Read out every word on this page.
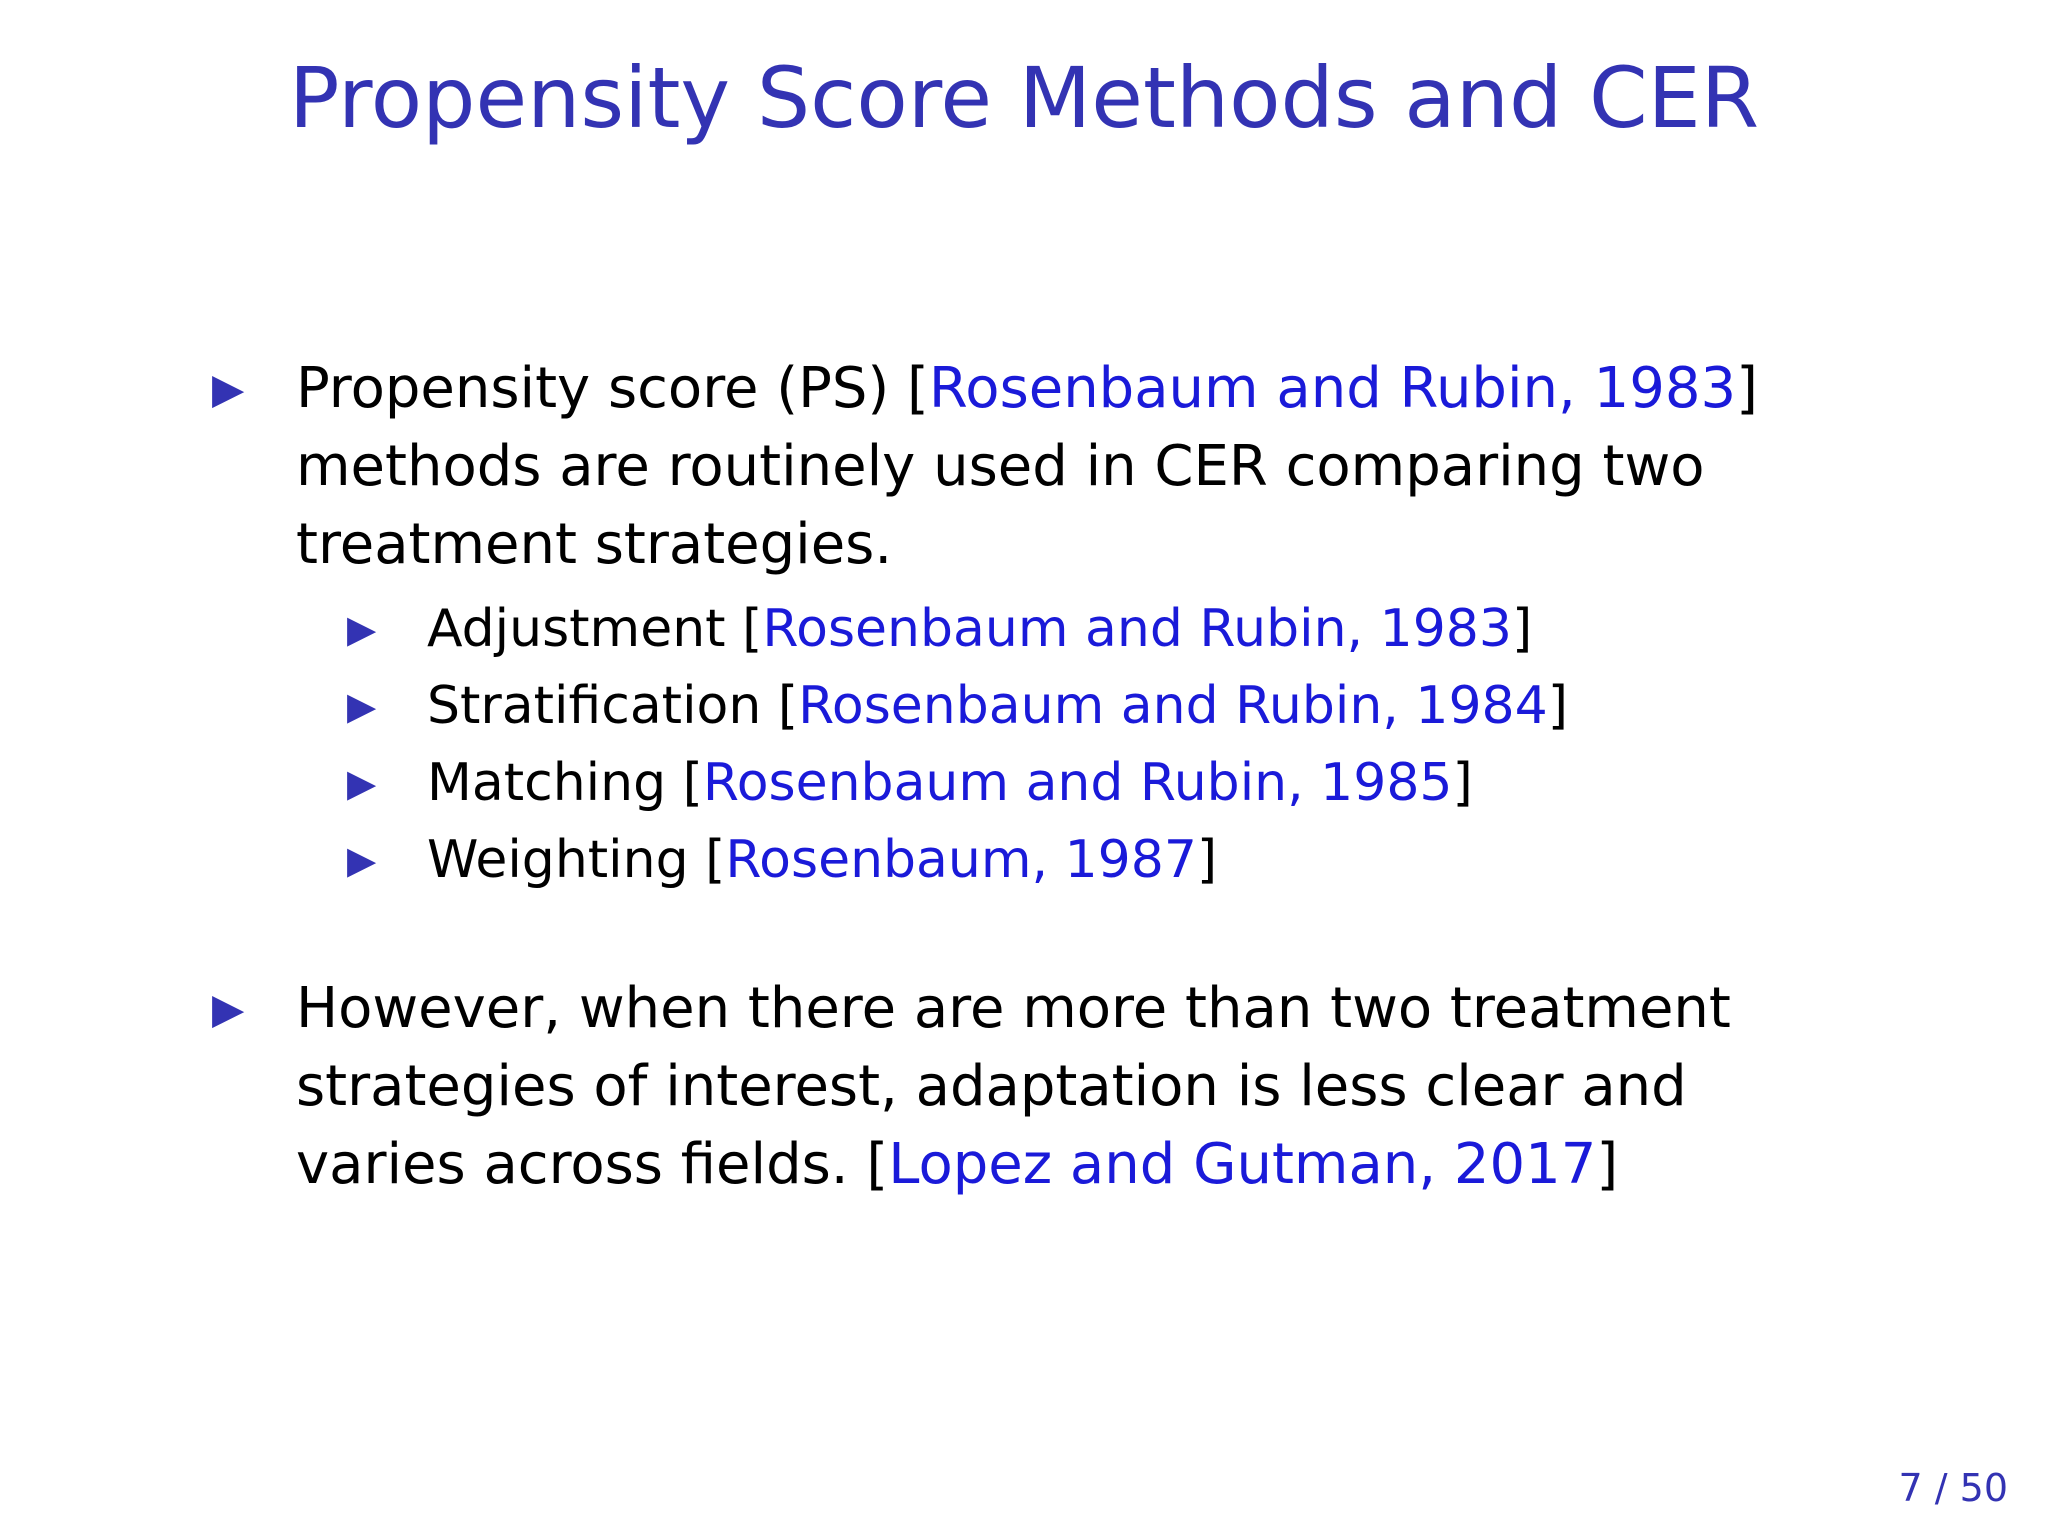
Propensity Score Methods and CER
▶ Propensity score (PS) [Rosenbaum and Rubin, 1983] methods are routinely used in CER comparing two treatment strategies.
▶ Adjustment [Rosenbaum and Rubin, 1983]
▶ Stratification [Rosenbaum and Rubin, 1984]
▶ Matching [Rosenbaum and Rubin, 1985]
▶ Weighting [Rosenbaum, 1987]
▶ However, when there are more than two treatment strategies of interest, adaptation is less clear and varies across fields. [Lopez and Gutman, 2017]
7 / 50
